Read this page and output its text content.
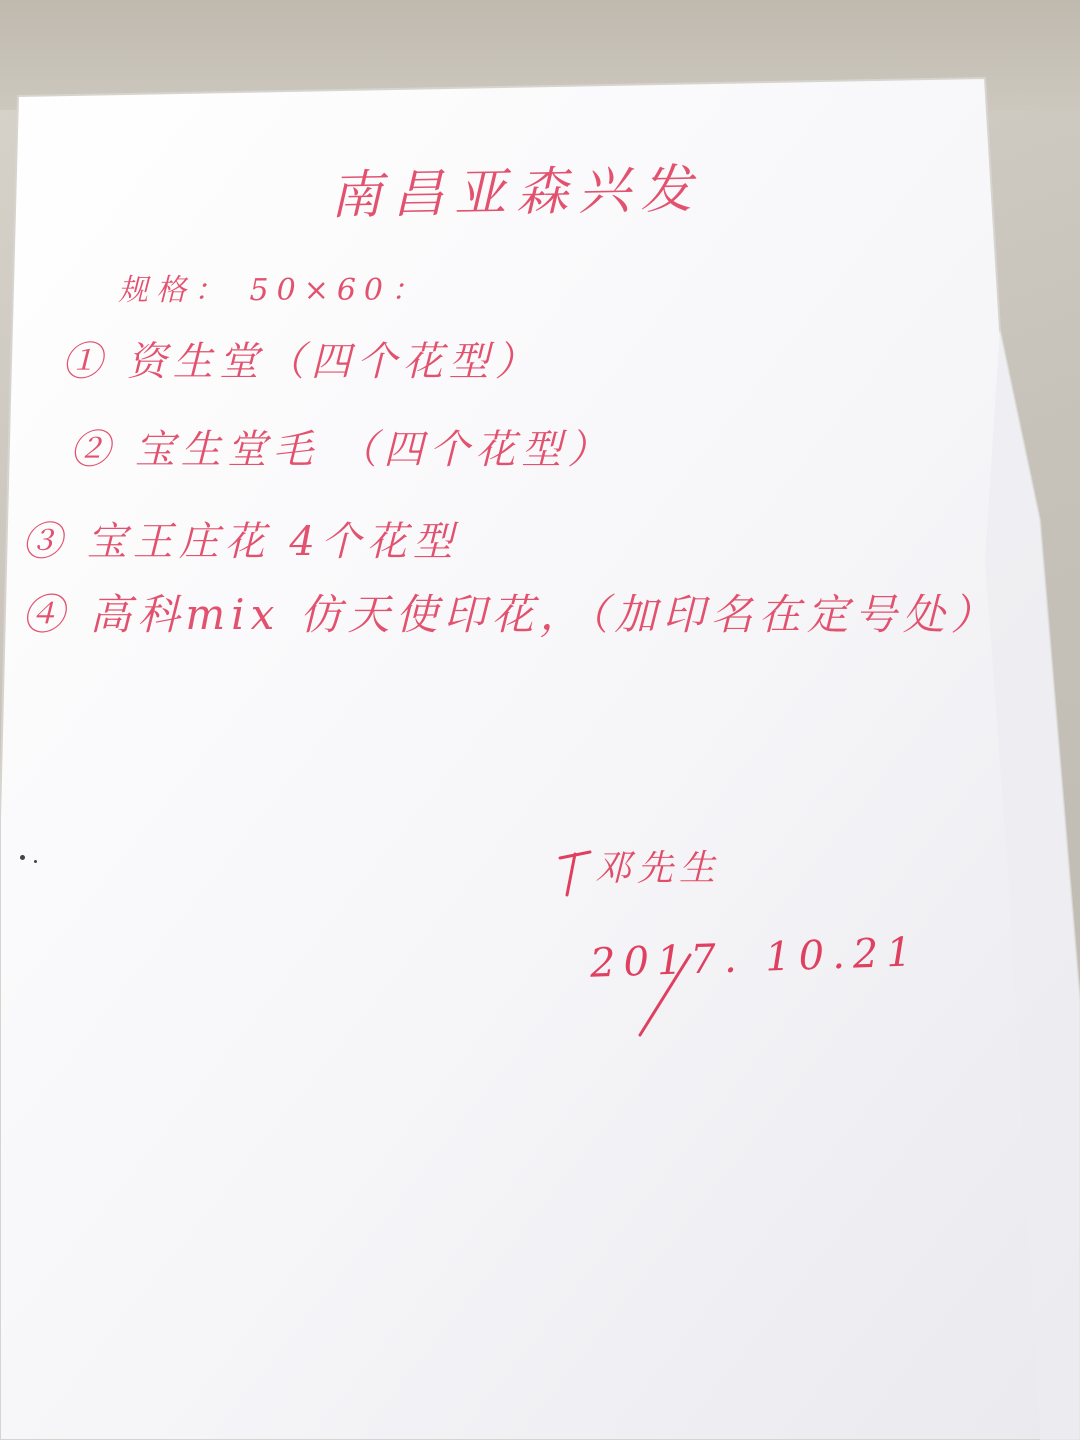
南昌亚森兴发
规格： 50×60：
① 资生堂（四个花型）
② 宝生堂毛 （四个花型）
③ 宝王庄花 4个花型
④ 高科mix 仿天使印花，（加印名在定号处）
邓先生
2017. 10.21
